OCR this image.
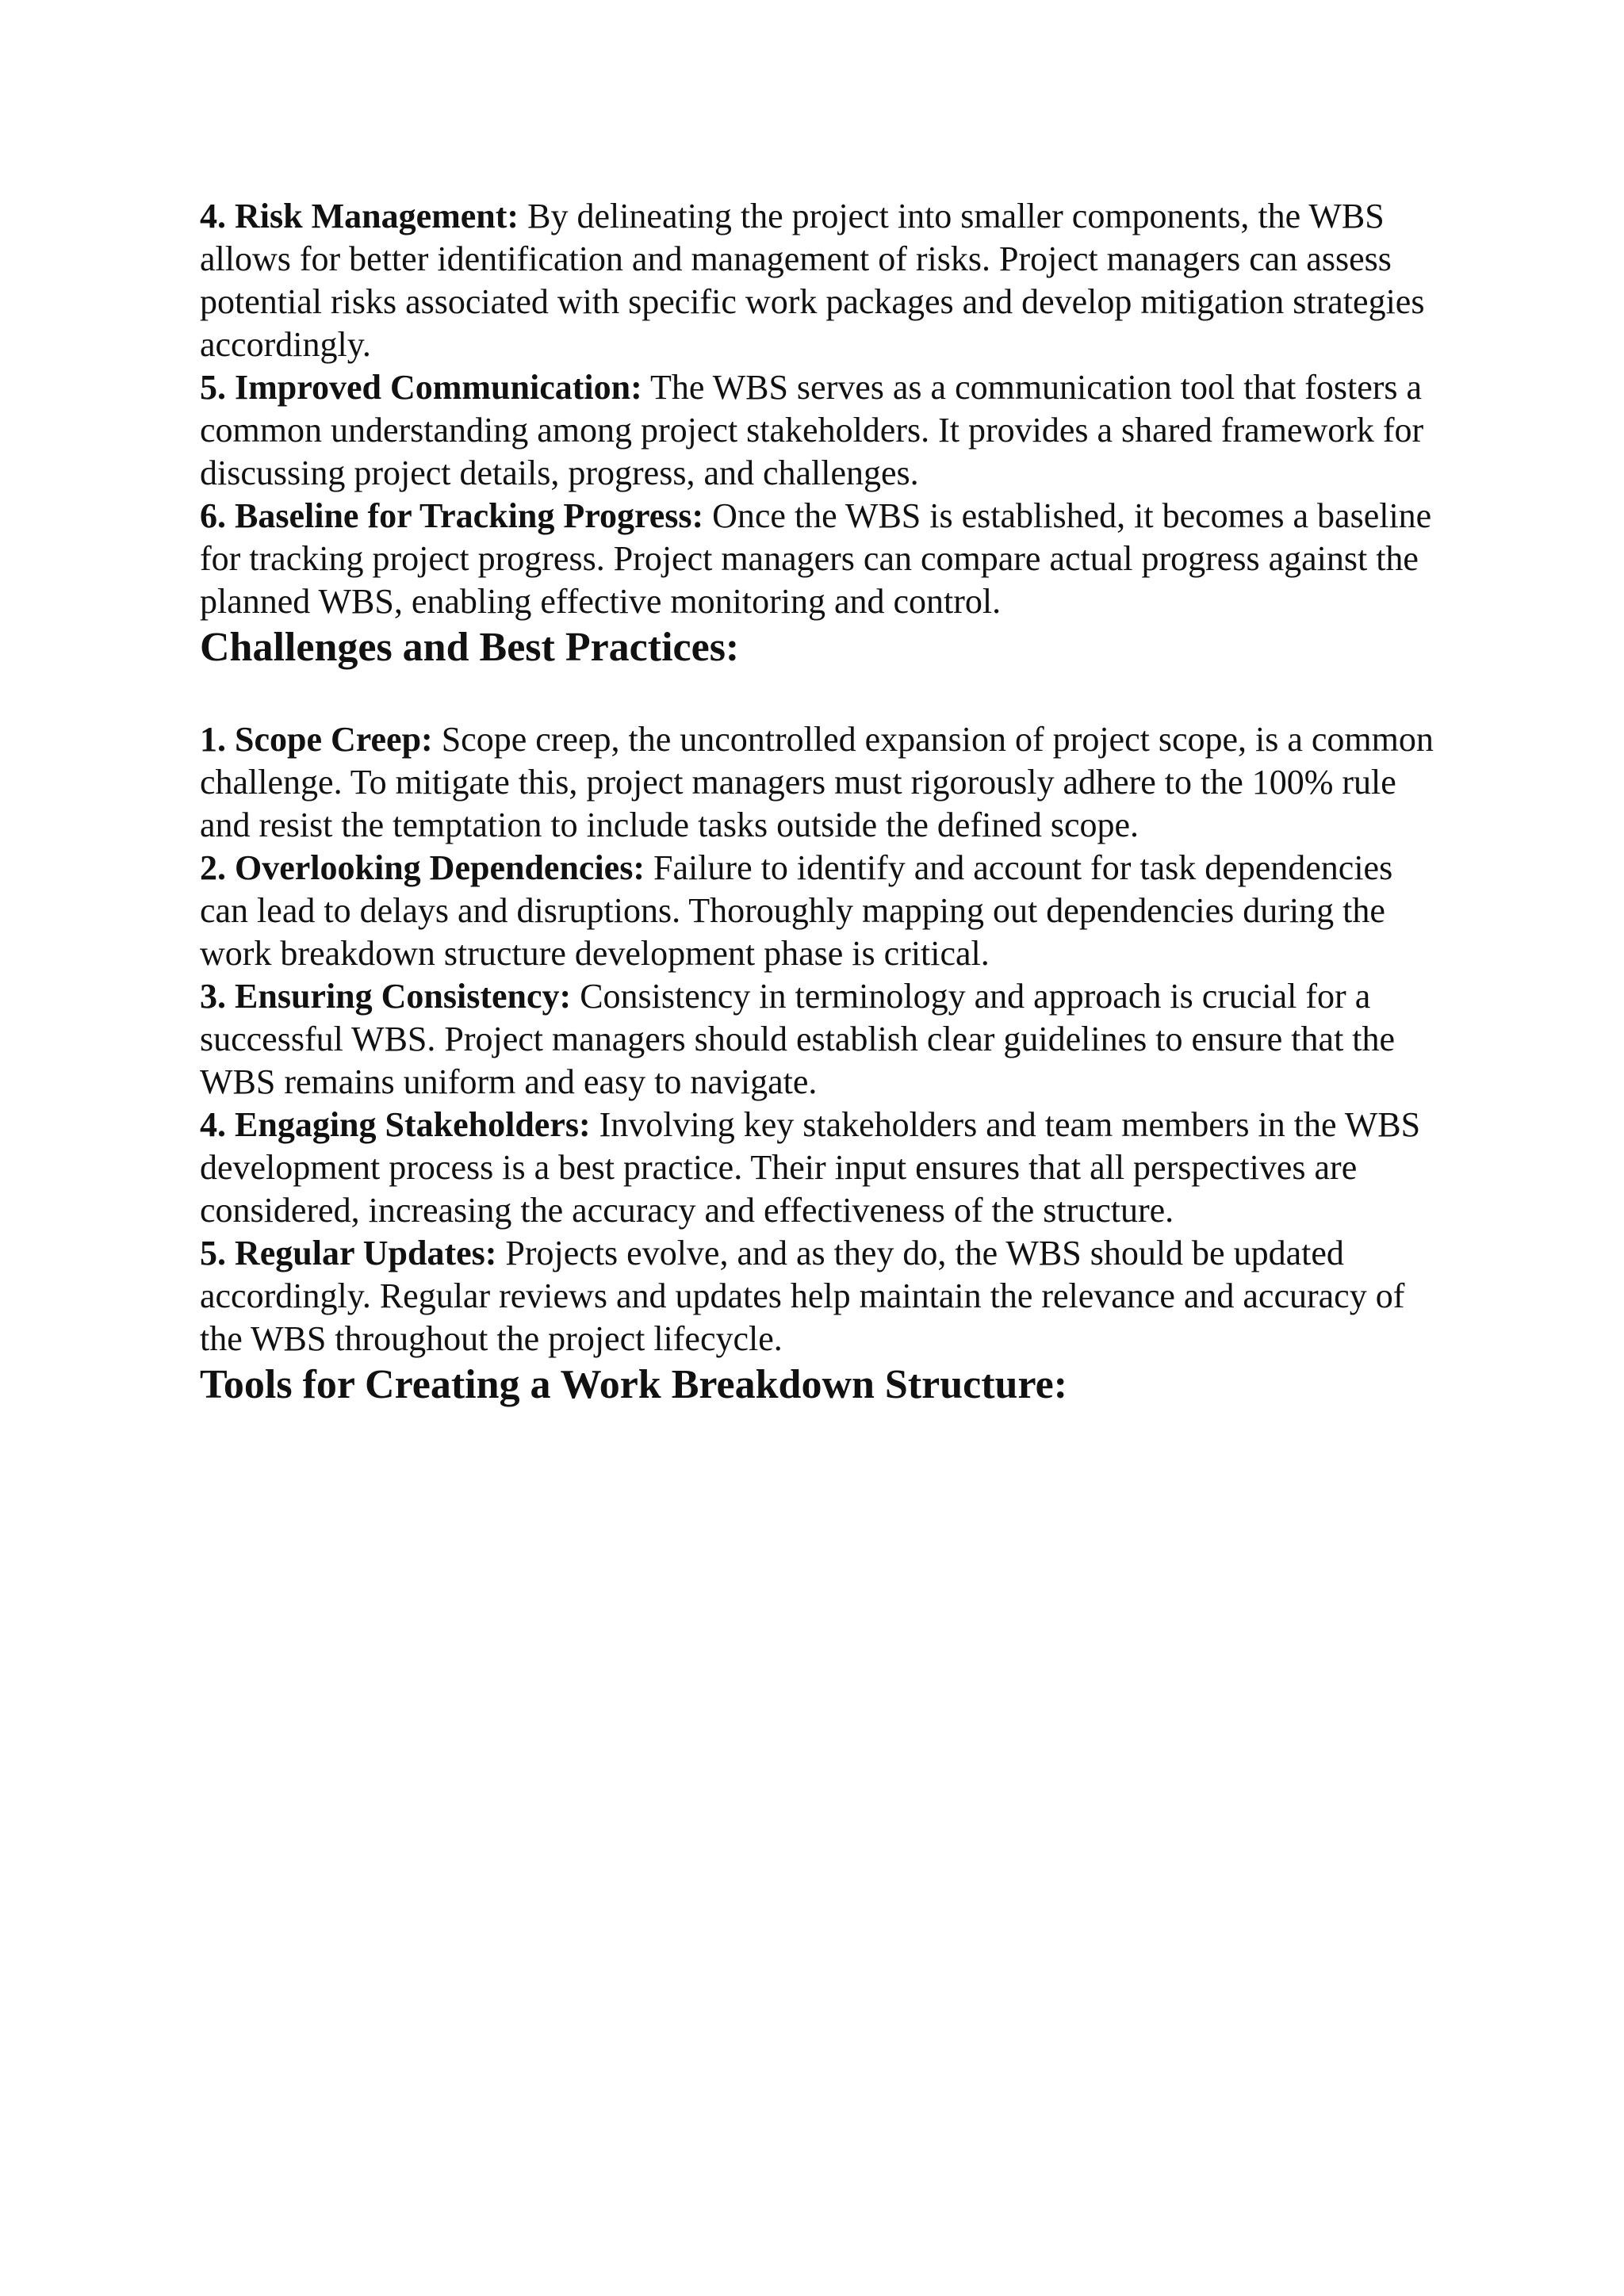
4. Risk Management: By delineating the project into smaller components, the WBS allows for better identification and management of risks. Project managers can assess potential risks associated with specific work packages and develop mitigation strategies accordingly.

5. Improved Communication: The WBS serves as a communication tool that fosters a common understanding among project stakeholders. It provides a shared framework for discussing project details, progress, and challenges.

6. Baseline for Tracking Progress: Once the WBS is established, it becomes a baseline for tracking project progress. Project managers can compare actual progress against the planned WBS, enabling effective monitoring and control.

Challenges and Best Practices:

1. Scope Creep: Scope creep, the uncontrolled expansion of project scope, is a common challenge. To mitigate this, project managers must rigorously adhere to the 100% rule and resist the temptation to include tasks outside the defined scope.

2. Overlooking Dependencies: Failure to identify and account for task dependencies can lead to delays and disruptions. Thoroughly mapping out dependencies during the work breakdown structure development phase is critical.

3. Ensuring Consistency: Consistency in terminology and approach is crucial for a successful WBS. Project managers should establish clear guidelines to ensure that the WBS remains uniform and easy to navigate.

4. Engaging Stakeholders: Involving key stakeholders and team members in the WBS development process is a best practice. Their input ensures that all perspectives are considered, increasing the accuracy and effectiveness of the structure.

5. Regular Updates: Projects evolve, and as they do, the WBS should be updated accordingly. Regular reviews and updates help maintain the relevance and accuracy of the WBS throughout the project lifecycle.

Tools for Creating a Work Breakdown Structure:
